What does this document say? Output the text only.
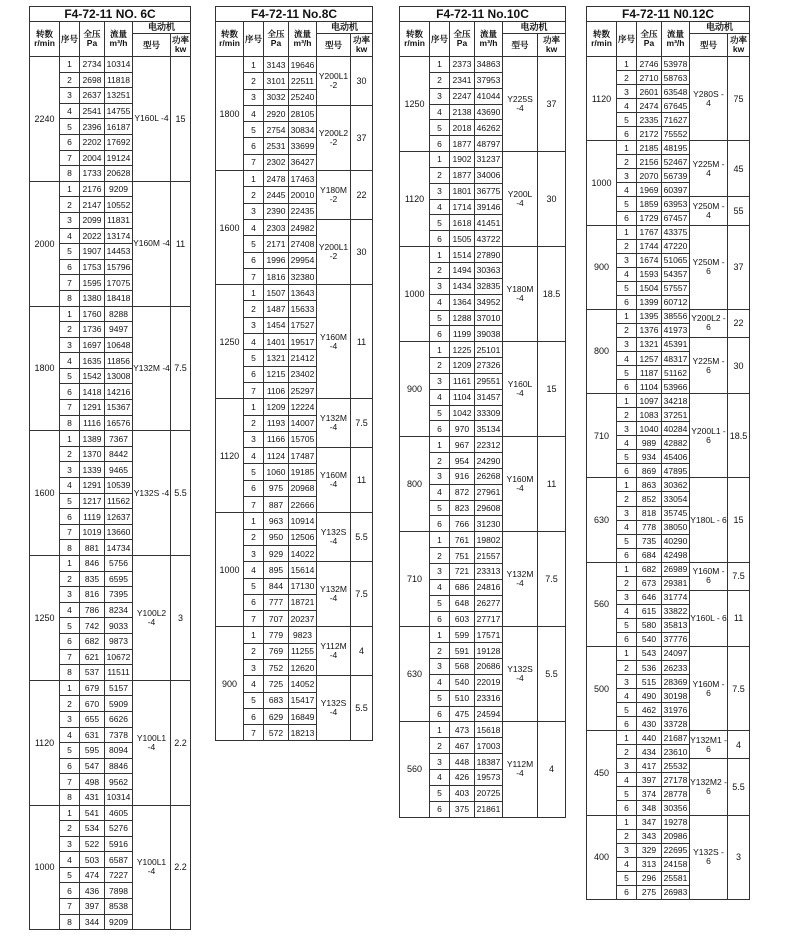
F4-72-11 NO. 6C					
转数 r/min	序号	全压 Pa	流量 m³/h	电动机	
				型号	功率 kw
2240	1	2734	10314	Y160L -4	15
	2	2698	11818		
	3	2637	13251		
	4	2541	14755		
	5	2396	16187		
	6	2202	17692		
	7	2004	19124		
	8	1733	20628		
2000	1	2176	9209	Y160M -4	11
	2	2147	10552		
	3	2099	11831		
	4	2022	13174		
	5	1907	14453		
	6	1753	15796		
	7	1595	17075		
	8	1380	18418		
1800	1	1760	8288	Y132M -4	7.5
	2	1736	9497		
	3	1697	10648		
	4	1635	11856		
	5	1542	13008		
	6	1418	14216		
	7	1291	15367		
	8	1116	16576		
1600	1	1389	7367	Y132S -4	5.5
	2	1370	8442		
	3	1339	9465		
	4	1291	10539		
	5	1217	11562		
	6	1119	12637		
	7	1019	13660		
	8	881	14734		
1250	1	846	5756	Y100L2 -4	3
	2	835	6595		
	3	816	7395		
	4	786	8234		
	5	742	9033		
	6	682	9873		
	7	621	10672		
	8	537	11511		
1120	1	679	5157	Y100L1 -4	2.2
	2	670	5909		
	3	655	6626		
	4	631	7378		
	5	595	8094		
	6	547	8846		
	7	498	9562		
	8	431	10314		
1000	1	541	4605	Y100L1 -4	2.2
	2	534	5276		
	3	522	5916		
	4	503	6587		
	5	474	7227		
	6	436	7898		
	7	397	8538		
	8	344	9209		
F4-72-11 No.8C					
转数 r/min	序号	全压 Pa	流量 m³/h	电动机	
				型号	功率 kw
1800	1	3143	19646	Y200L1 -2	30
	2	3101	22511		
	3	3032	25240		
	4	2920	28105	Y200L2 -2	37
	5	2754	30834		
	6	2531	33699		
	7	2302	36427		
1600	1	2478	17463	Y180M -2	22
	2	2445	20010		
	3	2390	22435		
	4	2303	24982	Y200L1 -2	30
	5	2171	27408		
	6	1996	29954		
	7	1816	32380		
1250	1	1507	13643	Y160M -4	11
	2	1487	15633		
	3	1454	17527		
	4	1401	19517		
	5	1321	21412		
	6	1215	23402		
	7	1106	25297		
1120	1	1209	12224	Y132M -4	7.5
	2	1193	14007		
	3	1166	15705		
	4	1124	17487	Y160M -4	11
	5	1060	19185		
	6	975	20968		
	7	887	22666		
1000	1	963	10914	Y132S -4	5.5
	2	950	12506		
	3	929	14022		
	4	895	15614	Y132M -4	7.5
	5	844	17130		
	6	777	18721		
	7	707	20237		
900	1	779	9823	Y112M -4	4
	2	769	11255		
	3	752	12620		
	4	725	14052	Y132S -4	5.5
	5	683	15417		
	6	629	16849		
	7	572	18213		
F4-72-11 No.10C					
转数 r/min	序号	全压 Pa	流量 m³/h	电动机	
				型号	功率 kw
1250	1	2373	34863	Y225S -4	37
	2	2341	37953		
	3	2247	41044		
	4	2138	43690		
	5	2018	46262		
	6	1877	48797		
1120	1	1902	31237	Y200L -4	30
	2	1877	34006		
	3	1801	36775		
	4	1714	39146		
	5	1618	41451		
	6	1505	43722		
1000	1	1514	27890	Y180M -4	18.5
	2	1494	30363		
	3	1434	32835		
	4	1364	34952		
	5	1288	37010		
	6	1199	39038		
900	1	1225	25101	Y160L -4	15
	2	1209	27326		
	3	1161	29551		
	4	1104	31457		
	5	1042	33309		
	6	970	35134		
800	1	967	22312	Y160M -4	11
	2	954	24290		
	3	916	26268		
	4	872	27961		
	5	823	29608		
	6	766	31230		
710	1	761	19802	Y132M -4	7.5
	2	751	21557		
	3	721	23313		
	4	686	24816		
	5	648	26277		
	6	603	27717		
630	1	599	17571	Y132S -4	5.5
	2	591	19128		
	3	568	20686		
	4	540	22019		
	5	510	23316		
	6	475	24594		
560	1	473	15618	Y112M -4	4
	2	467	17003		
	3	448	18387		
	4	426	19573		
	5	403	20725		
	6	375	21861		
F4-72-11 N0.12C					
转数 r/min	序号	全压 Pa	流量 m³/h	电动机	
				型号	功率 kw
1120	1	2746	53978	Y280S - 4	75
	2	2710	58763		
	3	2601	63548		
	4	2474	67645		
	5	2335	71627		
	6	2172	75552		
1000	1	2185	48195	Y225M - 4	45
	2	2156	52467		
	3	2070	56739		
	4	1969	60397		
	5	1859	63953	Y250M - 4	55
	6	1729	67457		
900	1	1767	43375	Y250M - 6	37
	2	1744	47220		
	3	1674	51065		
	4	1593	54357		
	5	1504	57557		
	6	1399	60712		
800	1	1395	38556	Y200L2 - 6	22
	2	1376	41973		
	3	1321	45391	Y225M - 6	30
	4	1257	48317		
	5	1187	51162		
	6	1104	53966		
710	1	1097	34218	Y200L1 - 6	18.5
	2	1083	37251		
	3	1040	40284		
	4	989	42882		
	5	934	45406		
	6	869	47895		
630	1	863	30362	Y180L - 6	15
	2	852	33054		
	3	818	35745		
	4	778	38050		
	5	735	40290		
	6	684	42498		
560	1	682	26989	Y160M - 6	7.5
	2	673	29381		
	3	646	31774	Y160L - 6	11
	4	615	33822		
	5	580	35813		
	6	540	37776		
500	1	543	24097	Y160M - 6	7.5
	2	536	26233		
	3	515	28369		
	4	490	30198		
	5	462	31976		
	6	430	33728		
450	1	440	21687	Y132M1 - 6	4
	2	434	23610		
	3	417	25532	Y132M2 - 6	5.5
	4	397	27178		
	5	374	28778		
	6	348	30356		
400	1	347	19278	Y132S - 6	3
	2	343	20986		
	3	329	22695		
	4	313	24158		
	5	296	25581		
	6	275	26983		
